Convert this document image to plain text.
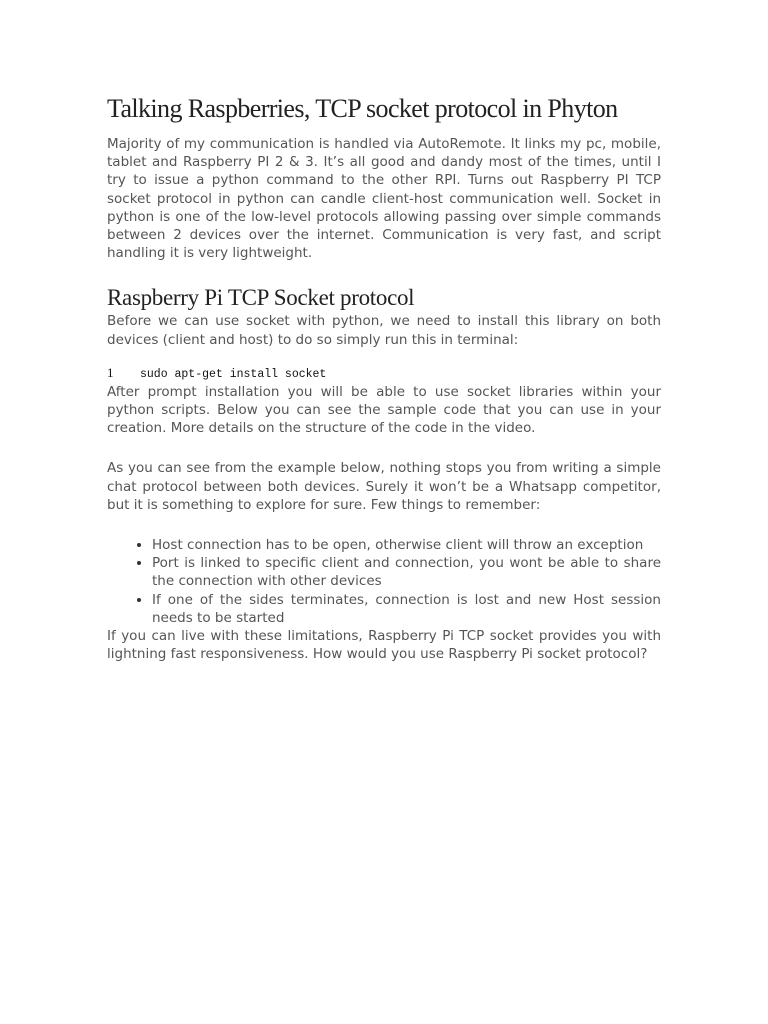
Talking Raspberries, TCP socket protocol in Phyton

Majority of my communication is handled via AutoRemote. It links my pc, mobile, tablet and Raspberry PI 2 & 3. It’s all good and dandy most of the times, until I try to issue a python command to the other RPI. Turns out Raspberry PI TCP socket protocol in python can candle client-host communication well. Socket in python is one of the low-level protocols allowing passing over simple commands between 2 devices over the internet. Communication is very fast, and script handling it is very lightweight.

Raspberry Pi TCP Socket protocol

Before we can use socket with python, we need to install this library on both devices (client and host) to do so simply run this in terminal:

1 sudo apt-get install socket

After prompt installation you will be able to use socket libraries within your python scripts. Below you can see the sample code that you can use in your creation. More details on the structure of the code in the video.

As you can see from the example below, nothing stops you from writing a simple chat protocol between both devices. Surely it won’t be a Whatsapp competitor, but it is something to explore for sure. Few things to remember:

• Host connection has to be open, otherwise client will throw an exception
• Port is linked to specific client and connection, you wont be able to share the connection with other devices
• If one of the sides terminates, connection is lost and new Host session needs to be started

If you can live with these limitations, Raspberry Pi TCP socket provides you with lightning fast responsiveness. How would you use Raspberry Pi socket protocol?
